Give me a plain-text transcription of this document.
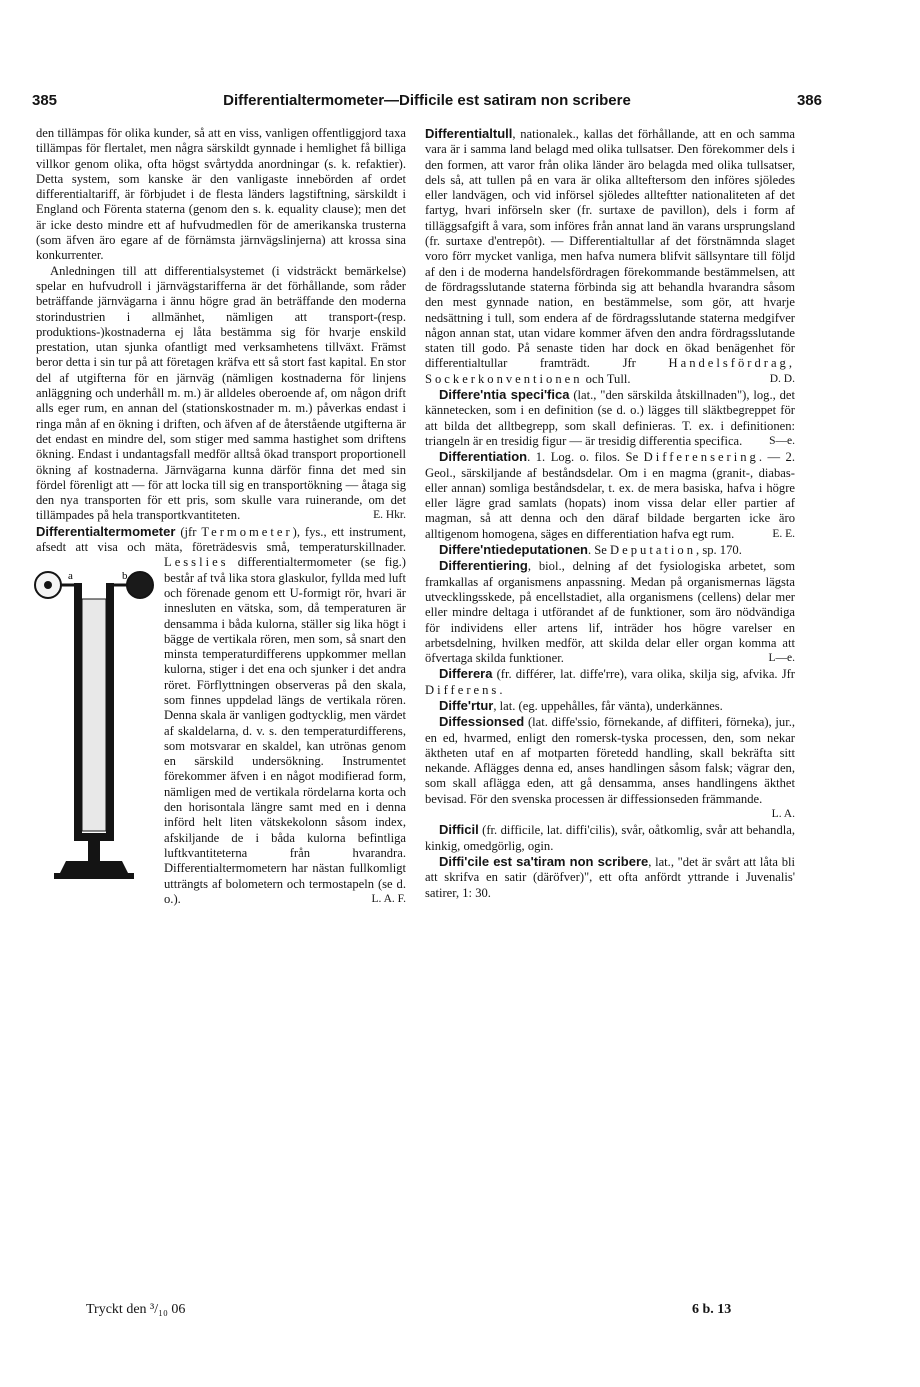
385	Differentialtermometer—Difficile est satiram non scribere	386

den tillämpas för olika kunder, så att en viss, vanligen offentliggjord taxa tillämpas för flertalet, men några särskildt gynnade i hemlighet få billiga villkor genom olika, ofta högst svårtydda anordningar (s. k. refaktier). Detta system, som kanske är den vanligaste innebörden af ordet differentialtariff, är förbjudet i de flesta länders lagstiftning, särskildt i England och Förenta staterna (genom den s. k. equality clause); men det är icke desto mindre ett af hufvudmedlen för de amerikanska trusterna (som äfven äro egare af de förnämsta järnvägslinjerna) att krossa sina konkurrenter.

Anledningen till att differentialsystemet (i vidsträckt bemärkelse) spelar en hufvudroll i järnvägstarifferna är det förhållande, som råder beträffande järnvägarna i ännu högre grad än beträffande den moderna storindustrien i allmänhet, nämligen att transport-(resp. produktions-)kostnaderna ej låta bestämma sig för hvarje enskild prestation, utan sjunka ofantligt med verksamhetens tillväxt. Främst beror detta i sin tur på att företagen kräfva ett så stort fast kapital. En stor del af utgifterna för en järnväg (nämligen kostnaderna för linjens anläggning och underhåll m. m.) är alldeles oberoende af, om någon drift alls eger rum, en annan del (stationskostnader m. m.) påverkas endast i ringa mån af en ökning i driften, och äfven af de återstående utgifterna är det endast en mindre del, som stiger med samma hastighet som driftens ökning. Endast i undantagsfall medför alltså ökad transport proportionell ökning af kostnaderna. Järnvägarna kunna därför finna det med sin fördel förenligt att — för att locka till sig en transportökning — åtaga sig den nya transporten för ett pris, som skulle vara ruinerande, om det tillämpades på hela transportkvantiteten.	E. Hkr.

Differentialtermometer (jfr Termometer), fys., ett instrument, afsedt att visa och mäta, företrädesvis små, temperaturskillnader.
a	b
Lesslies differentialtermometer (se fig.) består af två lika stora glaskulor, fyllda med luft och förenade genom ett U-formigt rör, hvari är innesluten en vätska, som, då temperaturen är densamma i båda kulorna, ställer sig lika högt i bägge de vertikala rören, men som, så snart den minsta temperaturdifferens uppkommer mellan kulorna, stiger i det ena och sjunker i det andra röret. Förflyttningen observeras på den skala, som finnes uppdelad längs de vertikala rören. Denna skala är vanligen godtycklig, men värdet af skaldelarna, d. v. s. den temperaturdifferens, som motsvarar en skaldel, kan utrönas genom en särskild undersökning. Instrumentet förekommer äfven i en något modifierad form, nämligen med de vertikala rördelarna korta och den horisontala längre samt med en i denna införd helt liten vätskekolonn såsom index, afskiljande de i båda kulorna befintliga luftkvantiteterna från hvarandra. Differentialtermometern har nästan fullkomligt utträngts af bolometern och termostapeln (se d. o.).	L. A. F.

Differentialtull, nationalek., kallas det förhållande, att en och samma vara är i samma land belagd med olika tullsatser. Den förekommer dels i den formen, att varor från olika länder äro belagda med olika tullsatser, dels så, att tullen på en vara är olika allteftersom den införes sjöledes eller landvägen, och vid införsel sjöledes allteftter nationaliteten af det fartyg, hvari införseln sker (fr. surtaxe de pavillon), dels i form af tilläggsafgift å vara, som införes från annat land än varans ursprungsland (fr. surtaxe d'entrepôt). — Differentialtullar af det förstnämnda slaget voro förr mycket vanliga, men hafva numera blifvit sällsyntare till följd af den i de moderna handelsfördragen förekommande bestämmelsen, att de fördragsslutande staterna förbinda sig att behandla hvarandra såsom den mest gynnade nation, en bestämmelse, som gör, att hvarje nedsättning i tull, som endera af de fördragsslutande staterna medgifver någon annan stat, utan vidare kommer äfven den andra fördragsslutande staten till godo. På senaste tiden har dock en ökad benägenhet för differentialtullar framträdt. Jfr Handelsfördrag, Sockerkonventionen och Tull.	D. D.

Differe'ntia speci'fica (lat., "den särskilda åtskillnaden"), log., det kännetecken, som i en definition (se d. o.) lägges till släktbegreppet för att bilda det alltbegrepp, som skall definieras. T. ex. i definitionen: triangeln är en tresidig figur — är tresidig differentia specifica.	S—e.

Differentiation. 1. Log. o. filos. Se Differensering. — 2. Geol., särskiljande af beståndsdelar. Om i en magma (granit-, diabas- eller annan) somliga beståndsdelar, t. ex. de mera basiska, hafva i högre eller lägre grad samlats (hopats) inom vissa delar eller partier af magman, så att denna och den däraf bildade bergarten icke äro alltigenom homogena, säges en differentiation hafva egt rum.	E. E.

Differe'ntiedeputationen. Se Deputation, sp. 170.

Differentiering, biol., delning af det fysiologiska arbetet, som framkallas af organismens anpassning. Medan på organismernas lägsta utvecklingsskede, på encellstadiet, alla organismens (cellens) delar mer eller mindre deltaga i utförandet af de funktioner, som äro nödvändiga för individens eller artens lif, inträder hos högre varelser en arbetsdelning, hvilken medför, att skilda delar eller organ komma att öfvertaga skilda funktioner.	L—e.

Differera (fr. différer, lat. diffe'rre), vara olika, skilja sig, afvika. Jfr Differens.

Diffe'rtur, lat. (eg. uppehålles, får vänta), underkännes.

Diffessionsed (lat. diffe'ssio, förnekande, af diffiteri, förneka), jur., en ed, hvarmed, enligt den romersk-tyska processen, den, som nekar äktheten utaf en af motparten företedd handling, skall bekräfta sitt nekande. Aflägges denna ed, anses handlingen såsom falsk; vägrar den, som skall aflägga eden, att gå densamma, anses handlingens äkthet bevisad. För den svenska processen är diffessionseden främmande.
L. A.

Difficil (fr. difficile, lat. diffi'cilis), svår, oåtkomlig, svår att behandla, kinkig, omedgörlig, ogin.

Diffi'cile est sa'tiram non scribere, lat., "det är svårt att låta bli att skrifva en satir (däröfver)", ett ofta anfördt yttrande i Juvenalis' satirer, 1: 30.

Tryckt den ³/₁₀ 06	6 b. 13
